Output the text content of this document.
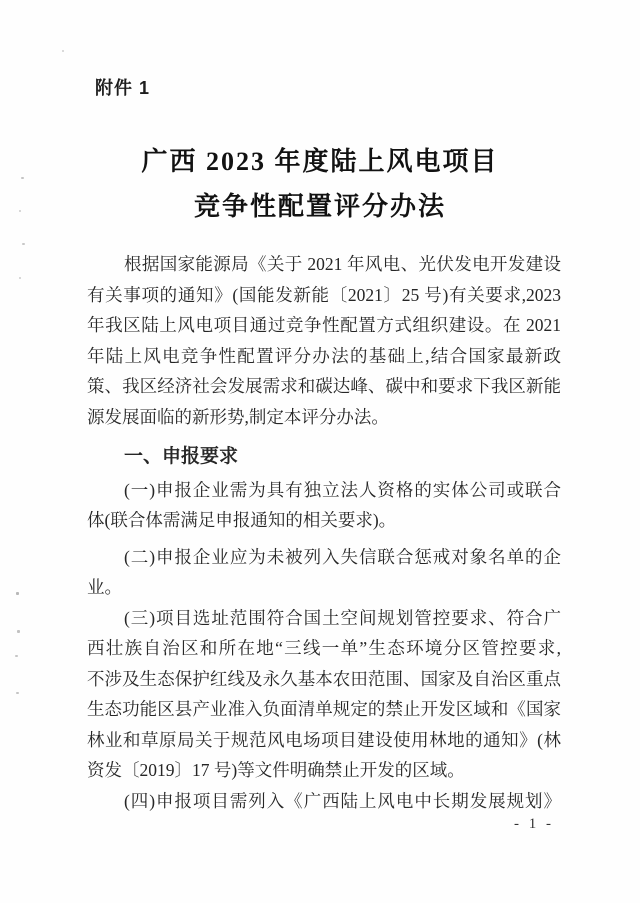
附件 1
广西 2023 年度陆上风电项目
竞争性配置评分办法
根据国家能源局《关于 2021 年风电、光伏发电开发建设
有关事项的通知》(国能发新能〔2021〕25 号)有关要求,2023
年我区陆上风电项目通过竞争性配置方式组织建设。在 2021
年陆上风电竞争性配置评分办法的基础上,结合国家最新政
策、我区经济社会发展需求和碳达峰、碳中和要求下我区新能
源发展面临的新形势,制定本评分办法。
一、申报要求
(一)申报企业需为具有独立法人资格的实体公司或联合
体(联合体需满足申报通知的相关要求)。
(二)申报企业应为未被列入失信联合惩戒对象名单的企
业。
(三)项目选址范围符合国土空间规划管控要求、符合广
西壮族自治区和所在地“三线一单”生态环境分区管控要求,
不涉及生态保护红线及永久基本农田范围、国家及自治区重点
生态功能区县产业准入负面清单规定的禁止开发区域和《国家
林业和草原局关于规范风电场项目建设使用林地的通知》(林
资发〔2019〕17 号)等文件明确禁止开发的区域。
(四)申报项目需列入《广西陆上风电中长期发展规划》
- 1 -
